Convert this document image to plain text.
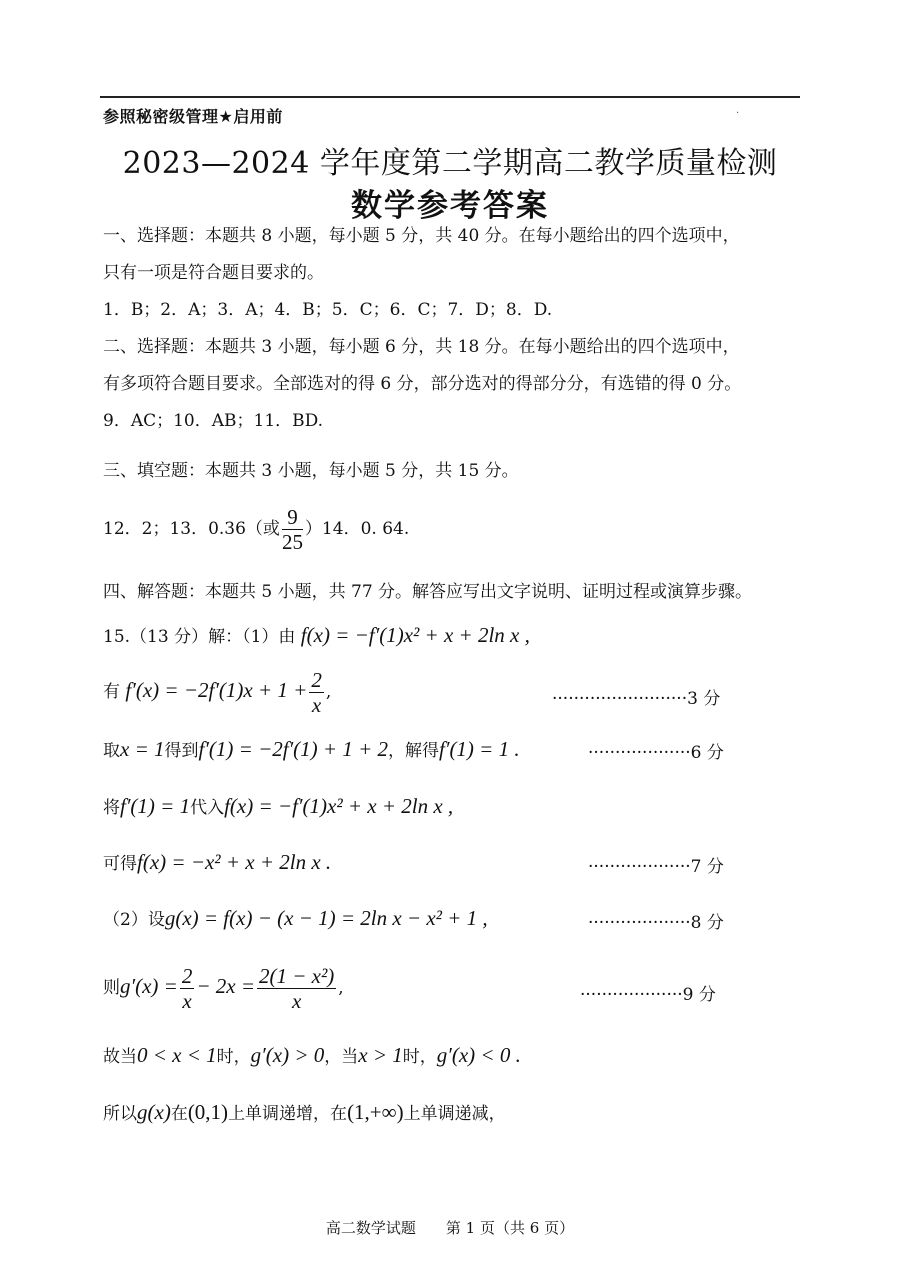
参照秘密级管理★启用前	·
2023—2024 学年度第二学期高二教学质量检测
数学参考答案
一、选择题：本题共 8 小题，每小题 5 分，共 40 分。在每小题给出的四个选项中，
只有一项是符合题目要求的。
1．B；2．A；3．A；4．B；5．C；6．C；7．D；8．D.
二、选择题：本题共 3 小题，每小题 6 分，共 18 分。在每小题给出的四个选项中，
有多项符合题目要求。全部选对的得 6 分，部分选对的得部分分，有选错的得 0 分。
9．AC；10．AB；11．BD.
三、填空题：本题共 3 小题，每小题 5 分，共 15 分。
12．2；13．0.36（或 $\frac{9}{25} )14$．0. 64.
四、解答题：本题共 5 小题，共 77 分。解答应写出文字说明、证明过程或演算步骤。
15.（13 分）解：（1）由 f(x) = −f′(1)x² + x + 2ln x ,
有 $f'(x) = -2f'(1)x + 1 + \frac{2}{x}$ ,	·························3 分
取x = 1得到f′(1) = −2f′(1) + 1 + 2，解得f′(1) = 1 .	···················6 分
将f′(1) = 1代入f(x) = −f′(1)x² + x + 2ln x ,
可得f(x) = −x² + x + 2ln x .	···················7 分
（2）设g(x) = f(x) − (x − 1) = 2ln x − x² + 1 ,	···················8 分
则$g'(x) = \frac{2}{x} - 2x = \frac{\text{2(1 − x²)}}{x}$ ,	···················9 分
故当0 < x < 1时，g′(x) > 0，当x > 1时，g′(x) < 0 .
所以g(x)在(0,1)上单调递增，在(1,+∞)上单调递减，
高二数学试题　　第 1 页（共 6 页）
